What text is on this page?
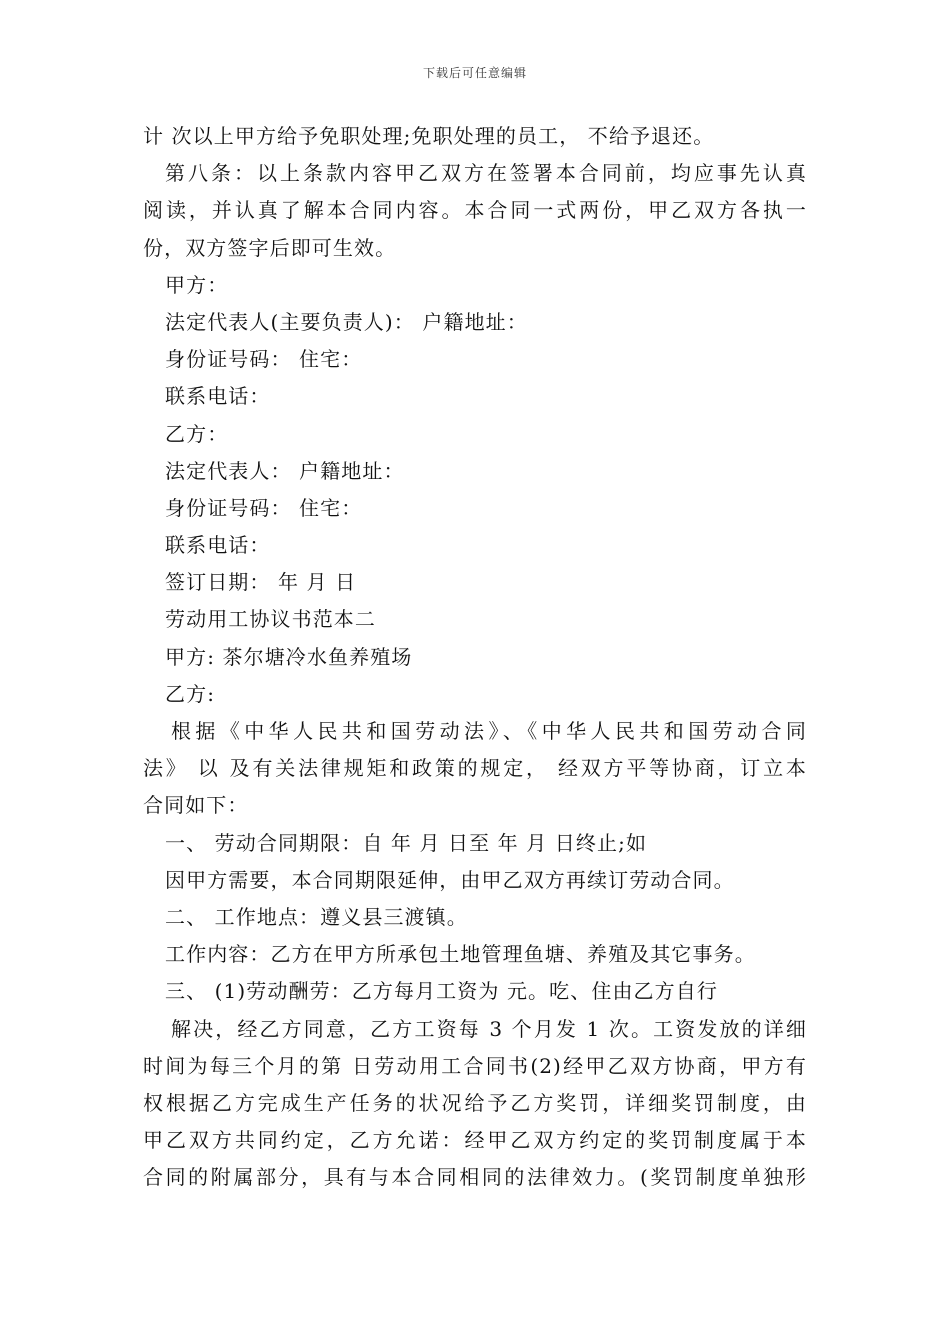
下载后可任意编辑
计 次以上甲方给予免职处理;免职处理的员工， 不给予退还。
第八条：以上条款内容甲乙双方在签署本合同前，均应事先认真
阅读，并认真了解本合同内容。本合同一式两份，甲乙双方各执一
份，双方签字后即可生效。
甲方：
法定代表人(主要负责人)： 户籍地址：
身份证号码： 住宅：
联系电话：
乙方：
法定代表人： 户籍地址：
身份证号码： 住宅：
联系电话：
签订日期： 年 月 日
劳动用工协议书范本二
甲方: 茶尔塘冷水鱼养殖场
乙方:
根据《中华人民共和国劳动法》、《中华人民共和国劳动合同
法》 以 及有关法律规矩和政策的规定， 经双方平等协商，订立本
合同如下：
一、 劳动合同期限：自 年 月 日至 年 月 日终止;如
因甲方需要，本合同期限延伸，由甲乙双方再续订劳动合同。
二、 工作地点：遵义县三渡镇。
工作内容：乙方在甲方所承包土地管理鱼塘、养殖及其它事务。
三、 (1)劳动酬劳：乙方每月工资为 元。吃、住由乙方自行
解决，经乙方同意，乙方工资每 3 个月发 1 次。工资发放的详细
时间为每三个月的第 日劳动用工合同书(2)经甲乙双方协商，甲方有
权根据乙方完成生产任务的状况给予乙方奖罚，详细奖罚制度，由
甲乙双方共同约定，乙方允诺：经甲乙双方约定的奖罚制度属于本
合同的附属部分，具有与本合同相同的法律效力。(奖罚制度单独形
